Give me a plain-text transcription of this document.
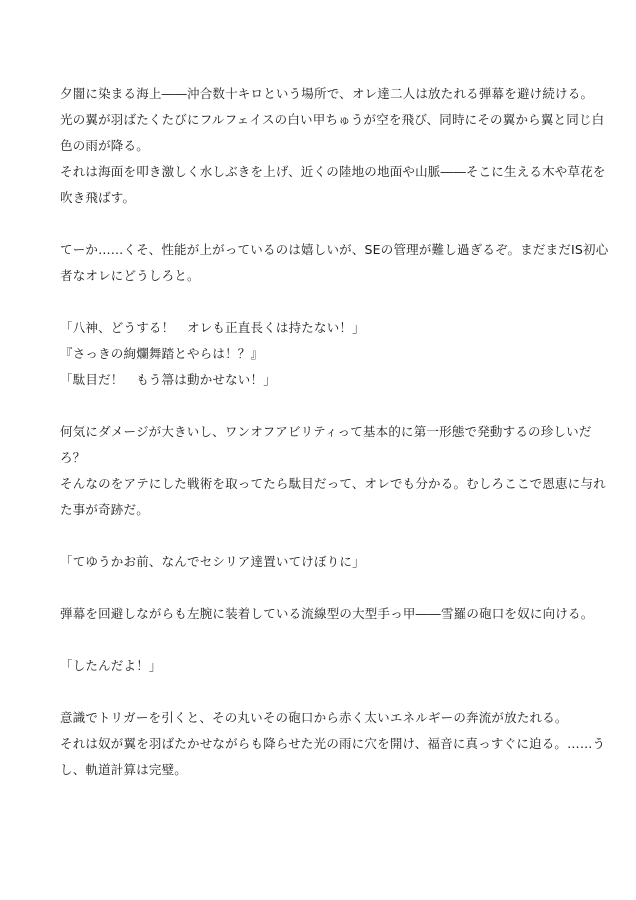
夕闇に染まる海上――沖合数十キロという場所で、オレ達二人は放たれる弾幕を避け続ける。
光の翼が羽ばたくたびにフルフェイスの白い甲ちゅうが空を飛び、同時にその翼から翼と同じ白
色の雨が降る。
それは海面を叩き激しく水しぶきを上げ、近くの陸地の地面や山脈――そこに生える木や草花を
吹き飛ばす。
てーか……くそ、性能が上がっているのは嬉しいが、SEの管理が難し過ぎるぞ。まだまだIS初心
者なオレにどうしろと。
「八神、どうする！　オレも正直長くは持たない！」
『さっきの絢爛舞踏とやらは！？』
「駄目だ！　もう箒は動かせない！」
何気にダメージが大きいし、ワンオフアビリティって基本的に第一形態で発動するの珍しいだ
ろ？
そんなのをアテにした戦術を取ってたら駄目だって、オレでも分かる。むしろここで恩恵に与れ
た事が奇跡だ。
「てゆうかお前、なんでセシリア達置いてけぼりに」
弾幕を回避しながらも左腕に装着している流線型の大型手っ甲――雪羅の砲口を奴に向ける。
「したんだよ！」
意識でトリガーを引くと、その丸いその砲口から赤く太いエネルギーの奔流が放たれる。
それは奴が翼を羽ばたかせながらも降らせた光の雨に穴を開け、福音に真っすぐに迫る。……う
し、軌道計算は完璧。
